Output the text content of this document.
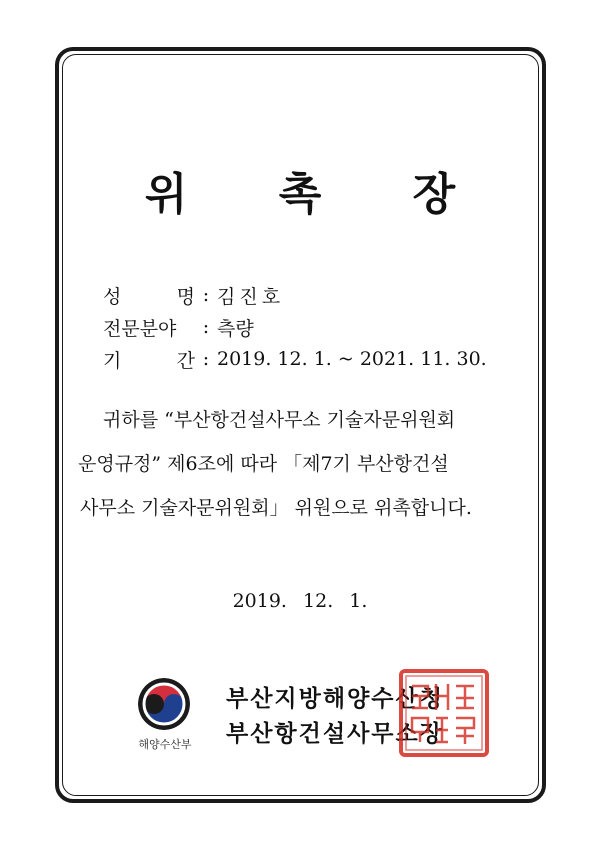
위 촉 장
성 명 : 김진호
전문분야	: 측량
기 간 : 2019. 12. 1. ~ 2021. 11. 30.
귀하를 “부산항건설사무소 기술자문위원회
운영규정” 제6조에 따라 「제7기 부산항건설
사무소 기술자문위원회」 위원으로 위촉합니다.
2019. 12. 1.
해양수산부
부산지방해양수산청
부산항건설사무소장
